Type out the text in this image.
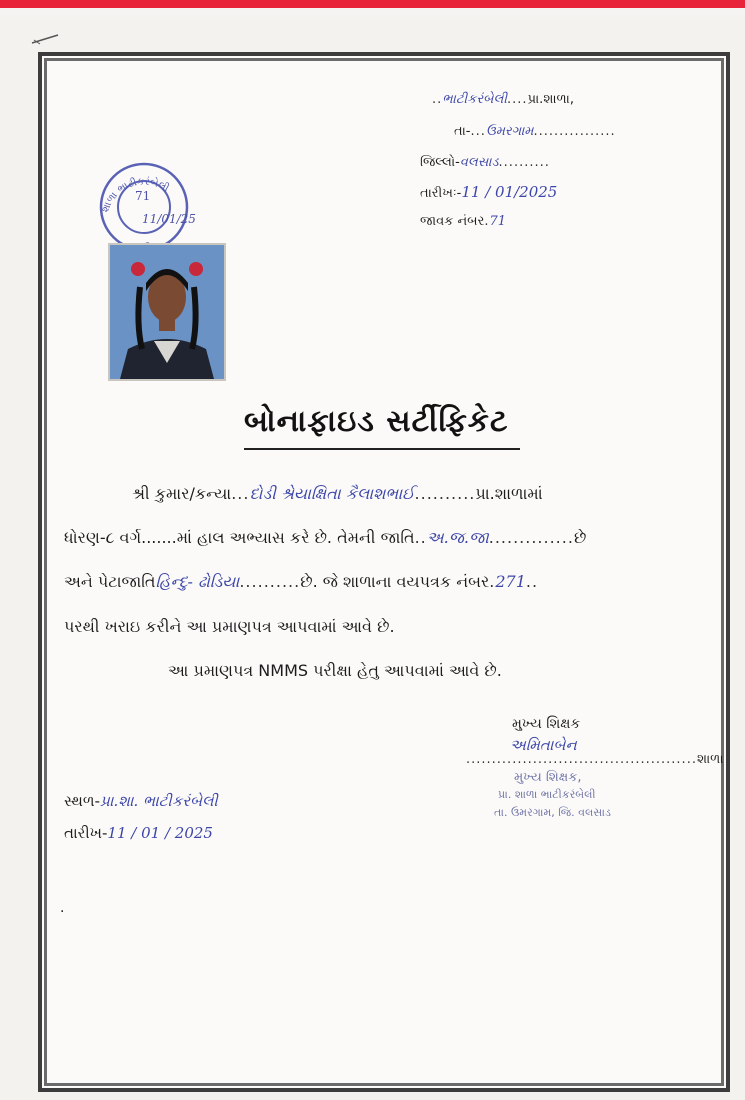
..ભાટીકરંબેલી....પ્રા.શાળા,
તા-...ઉમરગામ................
જિલ્લો-વલસાડ..........
તારીખઃ-11 / 01/2025
જાવક નંબર.71
શાળા ભાટીકરંબેલી
71
11/01/25
બોનાફાઇડ સર્ટીફિકેટ
શ્રી કુમાર/કન્યા...દોડી શ્રેયાક્ષિતા કૈલાશભાઈ..........પ્રા.શાળામાં
ધોરણ-૮ વર્ગ.......માં હાલ અભ્યાસ કરે છે. તેમની જાતિ..અ.જ.જા..............છે
અને પેટાજાતિહિન્દુ- ઢોડિયા..........છે. જે શાળાના વયપત્રક નંબર.271..
પરથી ખરાઇ કરીને આ પ્રમાણપત્ર આપવામાં આવે છે.
આ પ્રમાણપત્ર NMMS પરીક્ષા હેતુ આપવામાં આવે છે.
મુખ્ય શિક્ષક
અમિતાબેન
.............................................શાળા
મુખ્ય શિક્ષક,
પ્રા. શાળા ભાટીકરંબેલી
તા. ઉમરગામ, જિ. વલસાડ
સ્થળ-પ્રા.શા. ભાટીકરંબેલી
તારીખ-11 / 01 / 2025
.
